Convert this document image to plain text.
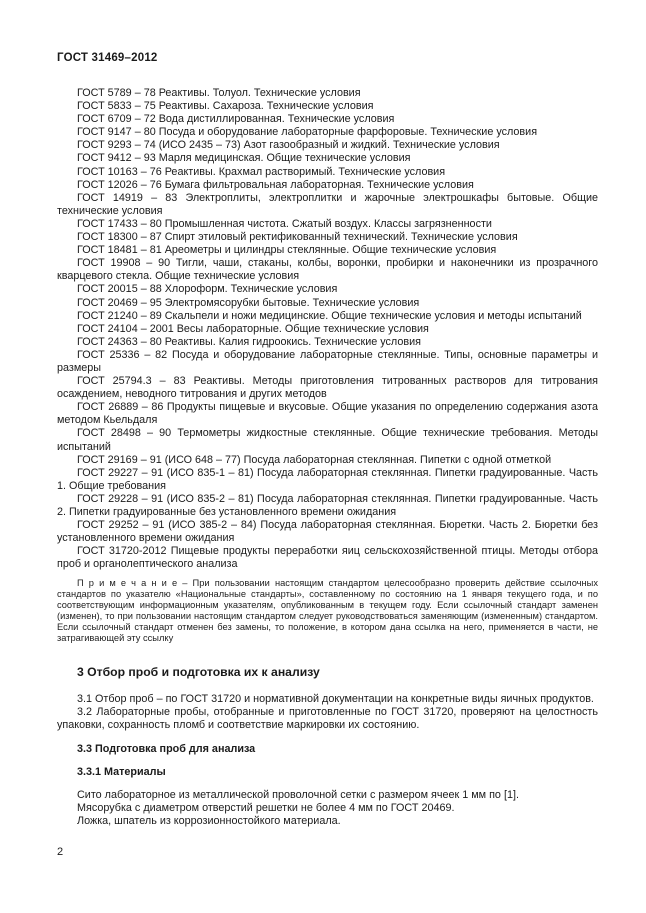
ГОСТ 31469–2012

ГОСТ 5789 – 78 Реактивы. Толуол. Технические условия

ГОСТ 5833 – 75 Реактивы. Сахароза. Технические условия

ГОСТ 6709 – 72 Вода дистиллированная. Технические условия

ГОСТ 9147 – 80 Посуда и оборудование лабораторные фарфоровые. Технические условия

ГОСТ 9293 – 74 (ИСО 2435 – 73) Азот газообразный и жидкий. Технические условия

ГОСТ 9412 – 93 Марля медицинская. Общие технические условия

ГОСТ 10163 – 76 Реактивы. Крахмал растворимый. Технические условия

ГОСТ 12026 – 76 Бумага фильтровальная лабораторная. Технические условия

ГОСТ 14919 – 83 Электроплиты, электроплитки и жарочные электрошкафы бытовые. Общие технические условия

ГОСТ 17433 – 80 Промышленная чистота. Сжатый воздух. Классы загрязненности

ГОСТ 18300 – 87 Спирт этиловый ректификованный технический. Технические условия

ГОСТ 18481 – 81 Ареометры и цилиндры стеклянные. Общие технические условия

ГОСТ 19908 – 90 Тигли, чаши, стаканы, колбы, воронки, пробирки и наконечники из прозрачного кварцевого стекла. Общие технические условия

ГОСТ 20015 – 88 Хлороформ. Технические условия

ГОСТ 20469 – 95 Электромясорубки бытовые. Технические условия

ГОСТ 21240 – 89 Скальпели и ножи медицинские. Общие технические условия и методы испытаний

ГОСТ 24104 – 2001 Весы лабораторные. Общие технические условия

ГОСТ 24363 – 80 Реактивы. Калия гидроокись. Технические условия

ГОСТ 25336 – 82 Посуда и оборудование лабораторные стеклянные. Типы, основные параметры и размеры

ГОСТ 25794.3 – 83 Реактивы. Методы приготовления титрованных растворов для титрования осаждением, неводного титрования и других методов

ГОСТ 26889 – 86 Продукты пищевые и вкусовые. Общие указания по определению содержания азота методом Кьельдаля

ГОСТ 28498 – 90 Термометры жидкостные стеклянные. Общие технические требования. Методы испытаний

ГОСТ 29169 – 91 (ИСО 648 – 77) Посуда лабораторная стеклянная. Пипетки с одной отметкой

ГОСТ 29227 – 91 (ИСО 835-1 – 81) Посуда лабораторная стеклянная. Пипетки градуированные. Часть 1. Общие требования

ГОСТ 29228 – 91 (ИСО 835-2 – 81) Посуда лабораторная стеклянная. Пипетки градуированные. Часть 2. Пипетки градуированные без установленного времени ожидания

ГОСТ 29252 – 91 (ИСО 385-2 – 84) Посуда лабораторная стеклянная. Бюретки. Часть 2. Бюретки без установленного времени ожидания

ГОСТ 31720-2012 Пищевые продукты переработки яиц сельскохозяйственной птицы. Методы отбора проб и органолептического анализа

П р и м е ч а н и е – При пользовании настоящим стандартом целесообразно проверить действие ссылочных стандартов по указателю «Национальные стандарты», составленному по состоянию на 1 января текущего года, и по соответствующим информационным указателям, опубликованным в текущем году. Если ссылочный стандарт заменен (изменен), то при пользовании настоящим стандартом следует руководствоваться заменяющим (измененным) стандартом. Если ссылочный стандарт отменен без замены, то положение, в котором дана ссылка на него, применяется в части, не затрагивающей эту ссылку

3 Отбор проб и подготовка их к анализу

3.1 Отбор проб – по ГОСТ 31720 и нормативной документации на конкретные виды яичных продуктов.

3.2 Лабораторные пробы, отобранные и приготовленные по ГОСТ 31720, проверяют на целостность упаковки, сохранность пломб и соответствие маркировки их состоянию.

3.3 Подготовка проб для анализа
3.3.1 Материалы

Сито лабораторное из металлической проволочной сетки с размером ячеек 1 мм по [1].

Мясорубка с диаметром отверстий решетки не более 4 мм по ГОСТ 20469.

Ложка, шпатель из коррозионностойкого материала.

2
